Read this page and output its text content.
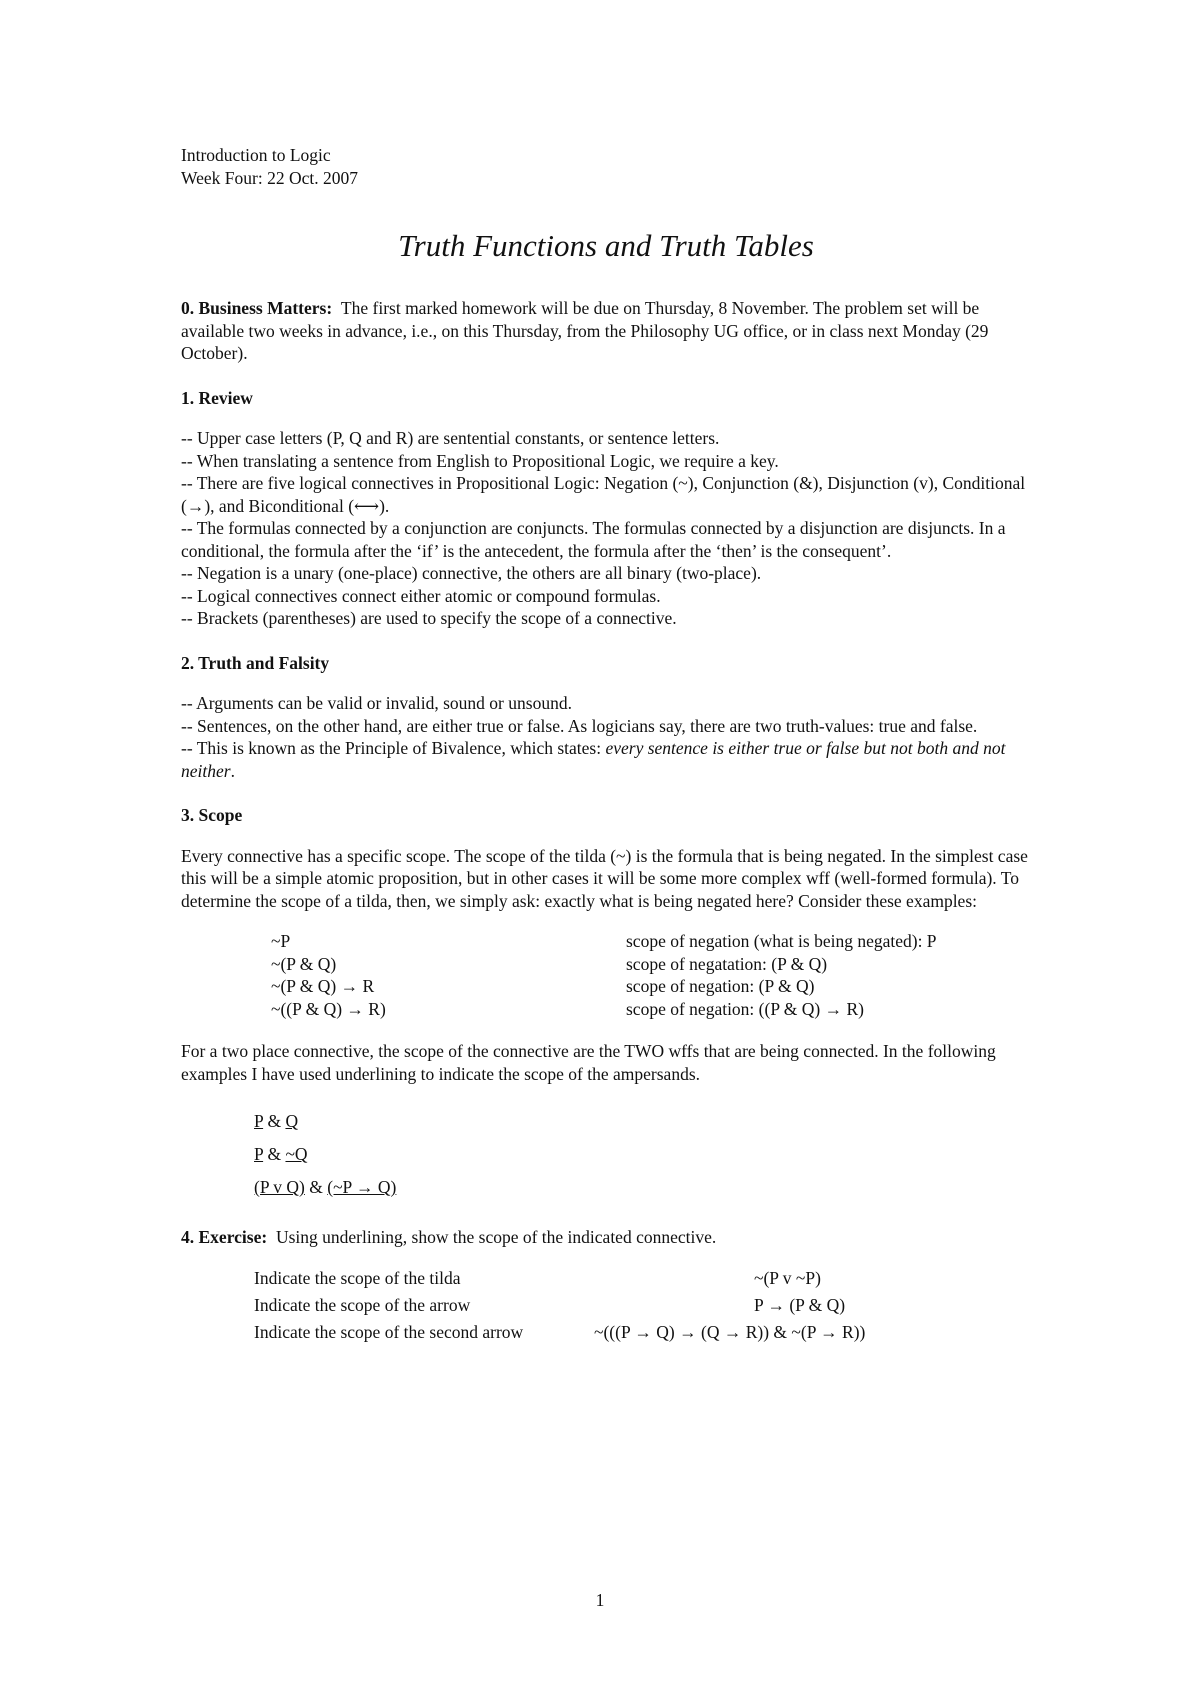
Introduction to Logic
Week Four: 22 Oct. 2007
Truth Functions and Truth Tables

0. Business Matters: The first marked homework will be due on Thursday, 8 November. The problem set will be available two weeks in advance, i.e., on this Thursday, from the Philosophy UG office, or in class next Monday (29 October).

1. Review
-- Upper case letters (P, Q and R) are sentential constants, or sentence letters.
-- When translating a sentence from English to Propositional Logic, we require a key.
-- There are five logical connectives in Propositional Logic: Negation (~), Conjunction (&), Disjunction (v), Conditional (→), and Biconditional (⟷).
-- The formulas connected by a conjunction are conjuncts. The formulas connected by a disjunction are disjuncts. In a conditional, the formula after the ‘if’ is the antecedent, the formula after the ‘then’ is the consequent’.
-- Negation is a unary (one-place) connective, the others are all binary (two-place).
-- Logical connectives connect either atomic or compound formulas.
-- Brackets (parentheses) are used to specify the scope of a connective.
2. Truth and Falsity
-- Arguments can be valid or invalid, sound or unsound.
-- Sentences, on the other hand, are either true or false. As logicians say, there are two truth-values: true and false.
-- This is known as the Principle of Bivalence, which states: every sentence is either true or false but not both and not neither.
3. Scope

Every connective has a specific scope. The scope of the tilda (~) is the formula that is being negated. In the simplest case this will be a simple atomic proposition, but in other cases it will be some more complex wff (well-formed formula). To determine the scope of a tilda, then, we simply ask: exactly what is being negated here? Consider these examples:

~P	scope of negation (what is being negated): P
~(P & Q)	scope of negatation: (P & Q)
~(P & Q) → R	scope of negation: (P & Q)
~((P & Q) → R)	scope of negation: ((P & Q) → R)

For a two place connective, the scope of the connective are the TWO wffs that are being connected. In the following examples I have used underlining to indicate the scope of the ampersands.

P & Q
P & ~Q
(P v Q) & (~P → Q)

4. Exercise: Using underlining, show the scope of the indicated connective.

Indicate the scope of the tilda	~(P v ~P)
Indicate the scope of the arrow	P → (P & Q)
Indicate the scope of the second arrow	~(((P → Q) → (Q → R)) & ~(P → R))
1
